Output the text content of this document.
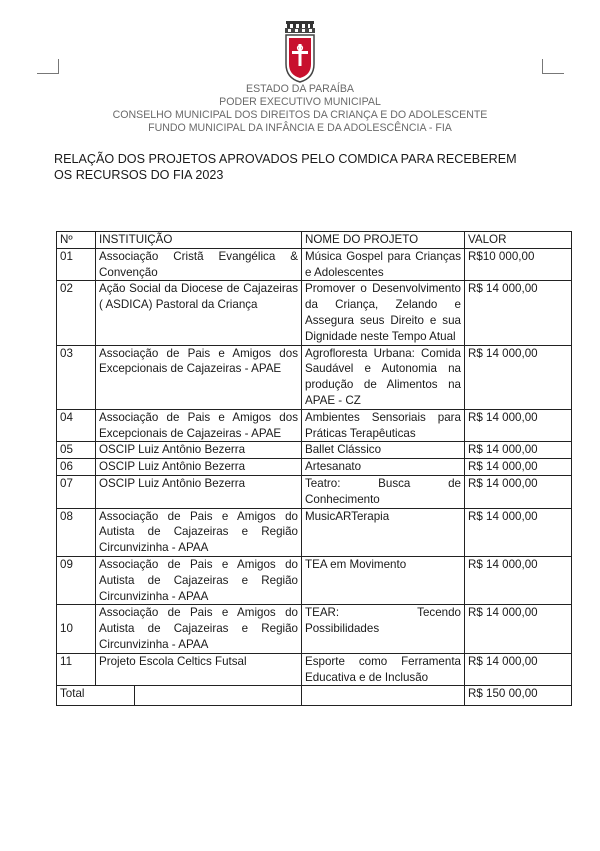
ESTADO DA PARAÍBA
PODER EXECUTIVO MUNICIPAL
CONSELHO MUNICIPAL DOS DIREITOS DA CRIANÇA E DO ADOLESCENTE
FUNDO MUNICIPAL DA INFÂNCIA E DA ADOLESCÊNCIA - FIA
RELAÇÃO DOS PROJETOS APROVADOS PELO COMDICA PARA RECEBEREM
OS RECURSOS DO FIA 2023
Nº	INSTITUIÇÃO	NOME DO PROJETO	VALOR
01	Associação Cristã Evangélica & Convenção	Música Gospel para Crianças e Adolescentes	R$10 000,00
02	Ação Social da Diocese de Cajazeiras ( ASDICA) Pastoral da Criança	Promover o Desenvolvimento da Criança, Zelando e Assegura seus Direito e sua Dignidade neste Tempo Atual	R$ 14 000,00
03	Associação de Pais e Amigos dos Excepcionais de Cajazeiras - APAE	Agrofloresta Urbana: Comida Saudável e Autonomia na produção de Alimentos na APAE - CZ	R$ 14 000,00
04	Associação de Pais e Amigos dos Excepcionais de Cajazeiras - APAE	Ambientes Sensoriais para Práticas Terapêuticas	R$ 14 000,00
05	OSCIP Luiz Antônio Bezerra	Ballet Clássico	R$ 14 000,00
06	OSCIP Luiz Antônio Bezerra	Artesanato	R$ 14 000,00
07	OSCIP Luiz Antônio Bezerra	Teatro: Busca de Conhecimento	R$ 14 000,00
08	Associação de Pais e Amigos do Autista de Cajazeiras e Região Circunvizinha - APAA	MusicARTerapia	R$ 14 000,00
09	Associação de Pais e Amigos do Autista de Cajazeiras e Região Circunvizinha - APAA	TEA em Movimento	R$ 14 000,00
10	Associação de Pais e Amigos do Autista de Cajazeiras e Região Circunvizinha - APAA	TEAR: Tecendo Possibilidades	R$ 14 000,00
11	Projeto Escola Celtics Futsal	Esporte como Ferramenta Educativa e de Inclusão	R$ 14 000,00

Total			R$ 150 00,00
